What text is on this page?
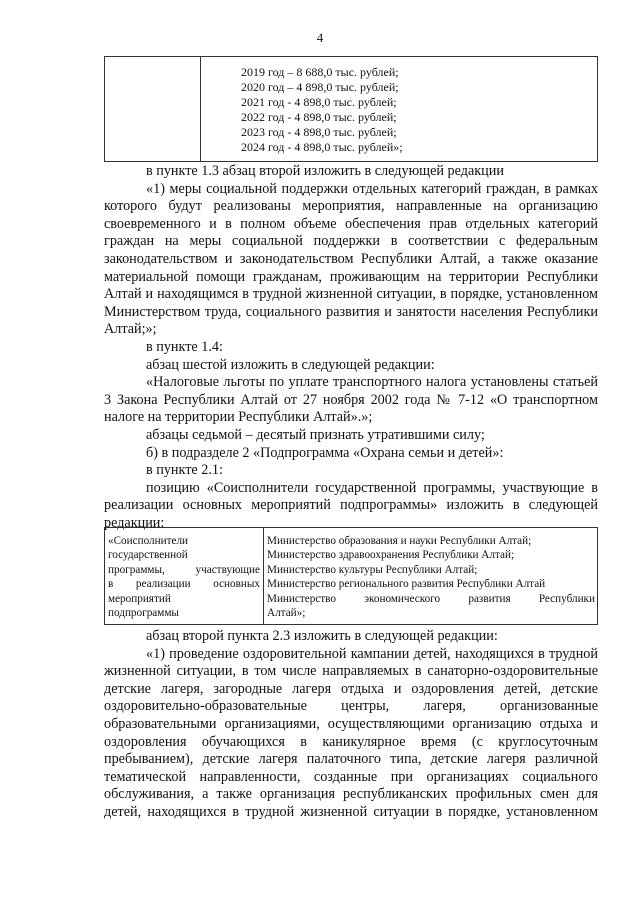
4
2019 год – 8 688,0 тыс. рублей;
2020 год – 4 898,0 тыс. рублей;
2021 год - 4 898,0 тыс. рублей;
2022 год - 4 898,0 тыс. рублей;
2023 год - 4 898,0 тыс. рублей;
2024 год - 4 898,0 тыс. рублей»;

в пункте 1.3 абзац второй изложить в следующей редакции

«1) меры социальной поддержки отдельных категорий граждан, в рамках которого будут реализованы мероприятия, направленные на организацию своевременного и в полном объеме обеспечения прав отдельных категорий граждан на меры социальной поддержки в соответствии с федеральным законодательством и законодательством Республики Алтай, а также оказание материальной помощи гражданам, проживающим на территории Республики Алтай и находящимся в трудной жизненной ситуации, в порядке, установленном Министерством труда, социального развития и занятости населения Республики Алтай;»;

в пункте 1.4:

абзац шестой изложить в следующей редакции:

«Налоговые льготы по уплате транспортного налога установлены статьей 3 Закона Республики Алтай от 27 ноября 2002 года № 7-12 «О транспортном налоге на территории Республики Алтай».»;

абзацы седьмой – десятый признать утратившими силу;

б) в подразделе 2 «Подпрограмма «Охрана семьи и детей»:

в пункте 2.1:

позицию «Соисполнители государственной программы, участвующие в реализации основных мероприятий подпрограммы» изложить в следующей редакции:

«Соисполнители
государственной
программы, участвующие
в реализации основных
мероприятий
подпрограммы
Министерство образования и науки Республики Алтай;
Министерство здравоохранения Республики Алтай;
Министерство культуры Республики Алтай;
Министерство регионального развития Республики Алтай
Министерство экономического развития Республики
Алтай»;

абзац второй пункта 2.3 изложить в следующей редакции:

«1) проведение оздоровительной кампании детей, находящихся в трудной жизненной ситуации, в том числе направляемых в санаторно-оздоровительные детские лагеря, загородные лагеря отдыха и оздоровления детей, детские оздоровительно-образовательные центры, лагеря, организованные образовательными организациями, осуществляющими организацию отдыха и оздоровления обучающихся в каникулярное время (с круглосуточным пребыванием), детские лагеря палаточного типа, детские лагеря различной тематической направленности, созданные при организациях социального обслуживания, а также организация республиканских профильных смен для детей, находящихся в трудной жизненной ситуации в порядке, установленном
